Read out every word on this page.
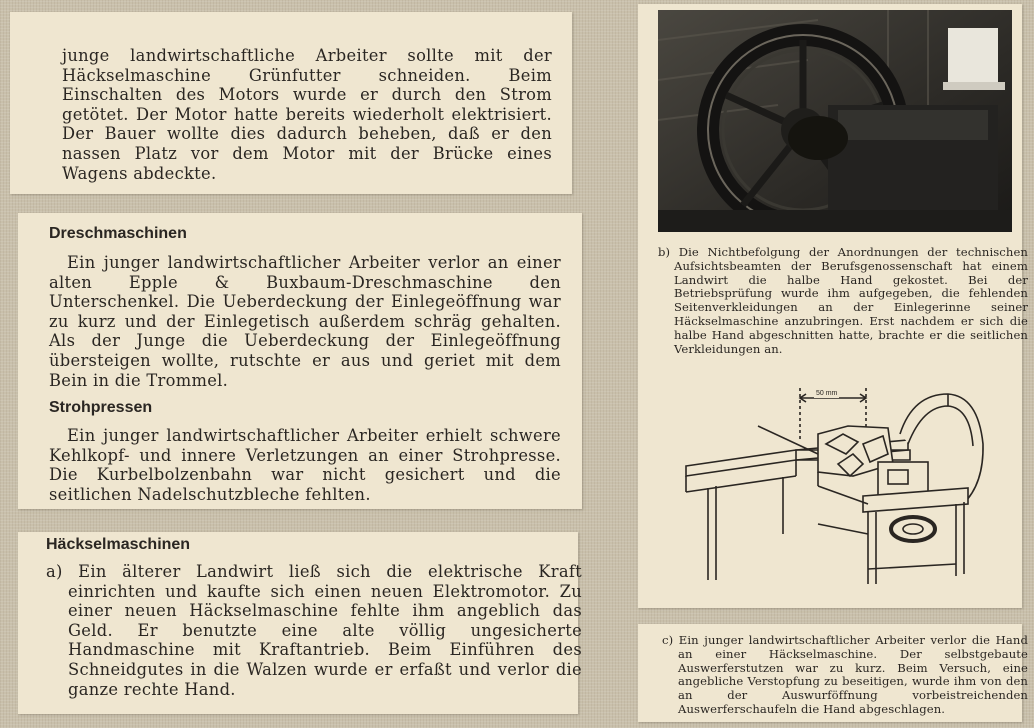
junge landwirtschaftliche Arbeiter sollte mit der Häckselmaschine Grünfutter schneiden. Beim Einschalten des Motors wurde er durch den Strom getötet. Der Motor hatte bereits wiederholt elektrisiert. Der Bauer wollte dies dadurch beheben, daß er den nassen Platz vor dem Motor mit der Brücke eines Wagens abdeckte.

Dreschmaschinen

Ein junger landwirtschaftlicher Arbeiter verlor an einer alten Epple & Buxbaum-Dreschmaschine den Unterschenkel. Die Ueberdeckung der Einlegeöffnung war zu kurz und der Einlegetisch außerdem schräg gehalten. Als der Junge die Ueberdeckung der Einlegeöffnung übersteigen wollte, rutschte er aus und geriet mit dem Bein in die Trommel.

Strohpressen

Ein junger landwirtschaftlicher Arbeiter erhielt schwere Kehlkopf- und innere Verletzungen an einer Strohpresse. Die Kurbelbolzenbahn war nicht gesichert und die seitlichen Nadelschutzbleche fehlten.

Häckselmaschinen

a) Ein älterer Landwirt ließ sich die elektrische Kraft einrichten und kaufte sich einen neuen Elektromotor. Zu einer neuen Häckselmaschine fehlte ihm angeblich das Geld. Er benutzte eine alte völlig ungesicherte Handmaschine mit Kraftantrieb. Beim Einführen des Schneidgutes in die Walzen wurde er erfaßt und verlor die ganze rechte Hand.

b) Die Nichtbefolgung der Anordnungen der technischen Aufsichtsbeamten der Berufsgenossenschaft hat einem Landwirt die halbe Hand gekostet. Bei der Betriebsprüfung wurde ihm aufgegeben, die fehlenden Seitenverkleidungen an der Einlegerinne seiner Häckselmaschine anzubringen. Erst nachdem er sich die halbe Hand abgeschnitten hatte, brachte er die seitlichen Verkleidungen an.

50 mm

c) Ein junger landwirtschaftlicher Arbeiter verlor die Hand an einer Häckselmaschine. Der selbstgebaute Auswerferstutzen war zu kurz. Beim Versuch, eine angebliche Verstopfung zu beseitigen, wurde ihm von den an der Auswurföffnung vorbeistreichenden Auswerferschaufeln die Hand abgeschlagen.
